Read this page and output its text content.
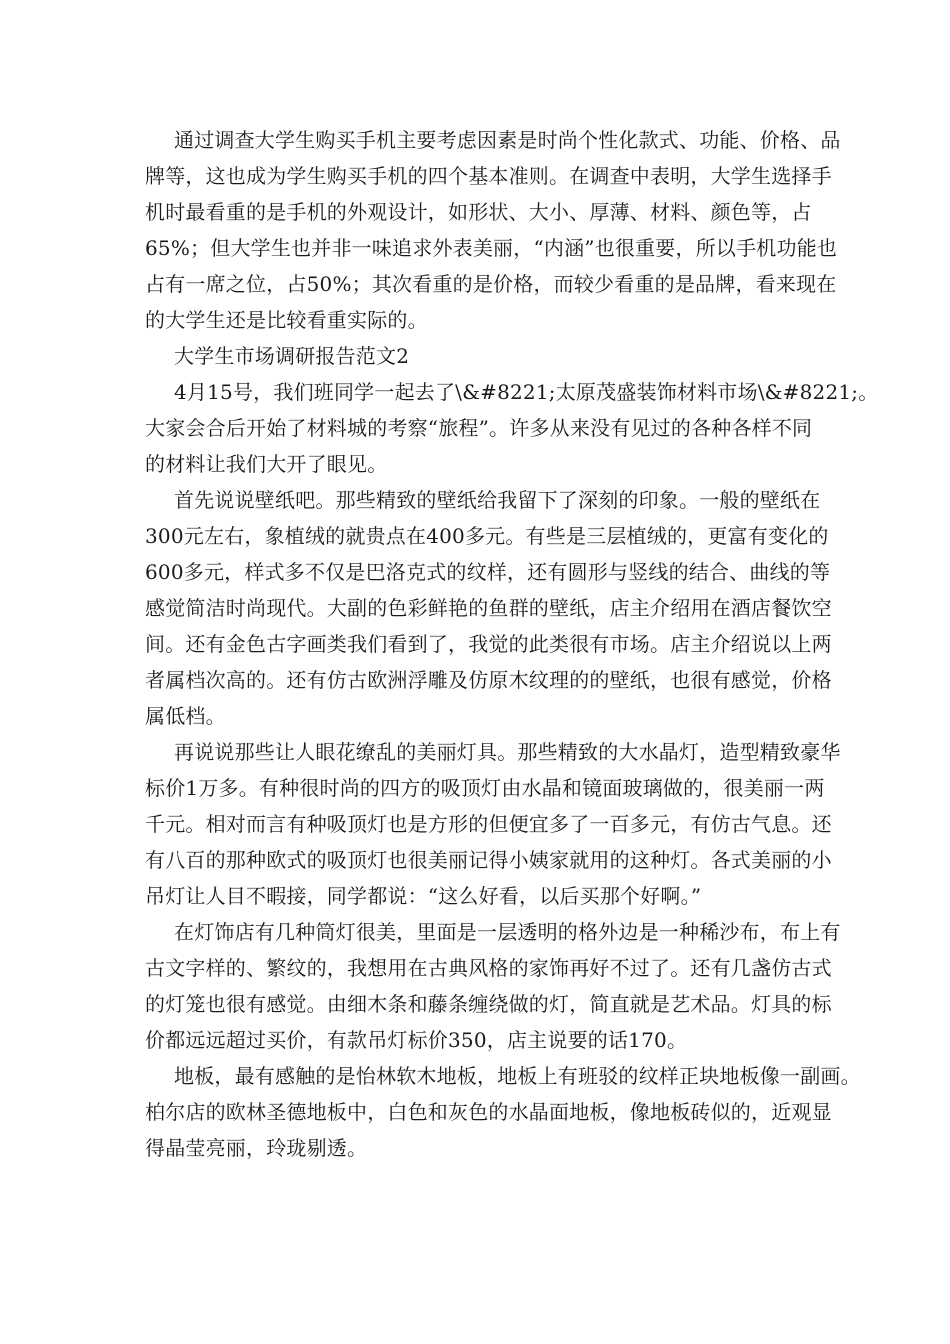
通过调查大学生购买手机主要考虑因素是时尚个性化款式、功能、价格、品
牌等，这也成为学生购买手机的四个基本准则。在调查中表明，大学生选择手
机时最看重的是手机的外观设计，如形状、大小、厚薄、材料、颜色等，占
65%；但大学生也并非一味追求外表美丽，“内涵”也很重要，所以手机功能也
占有一席之位，占50%；其次看重的是价格，而较少看重的是品牌，看来现在
的大学生还是比较看重实际的。
大学生市场调研报告范文2
4月15号，我们班同学一起去了\&#8221;太原茂盛装饰材料市场\&#8221;。
大家会合后开始了材料城的考察“旅程”。许多从来没有见过的各种各样不同
的材料让我们大开了眼见。
首先说说壁纸吧。那些精致的壁纸给我留下了深刻的印象。一般的壁纸在
300元左右，象植绒的就贵点在400多元。有些是三层植绒的，更富有变化的
600多元，样式多不仅是巴洛克式的纹样，还有圆形与竖线的结合、曲线的等
感觉简洁时尚现代。大副的色彩鲜艳的鱼群的壁纸，店主介绍用在酒店餐饮空
间。还有金色古字画类我们看到了，我觉的此类很有市场。店主介绍说以上两
者属档次高的。还有仿古欧洲浮雕及仿原木纹理的的壁纸，也很有感觉，价格
属低档。
再说说那些让人眼花缭乱的美丽灯具。那些精致的大水晶灯，造型精致豪华
标价1万多。有种很时尚的四方的吸顶灯由水晶和镜面玻璃做的，很美丽一两
千元。相对而言有种吸顶灯也是方形的但便宜多了一百多元，有仿古气息。还
有八百的那种欧式的吸顶灯也很美丽记得小姨家就用的这种灯。各式美丽的小
吊灯让人目不暇接，同学都说：“这么好看，以后买那个好啊。”
在灯饰店有几种筒灯很美，里面是一层透明的格外边是一种稀沙布，布上有
古文字样的、繁纹的，我想用在古典风格的家饰再好不过了。还有几盏仿古式
的灯笼也很有感觉。由细木条和藤条缠绕做的灯，简直就是艺术品。灯具的标
价都远远超过买价，有款吊灯标价350，店主说要的话170。
地板，最有感触的是怡林软木地板，地板上有班驳的纹样正块地板像一副画。
柏尔店的欧林圣德地板中，白色和灰色的水晶面地板，像地板砖似的，近观显
得晶莹亮丽，玲珑剔透。
